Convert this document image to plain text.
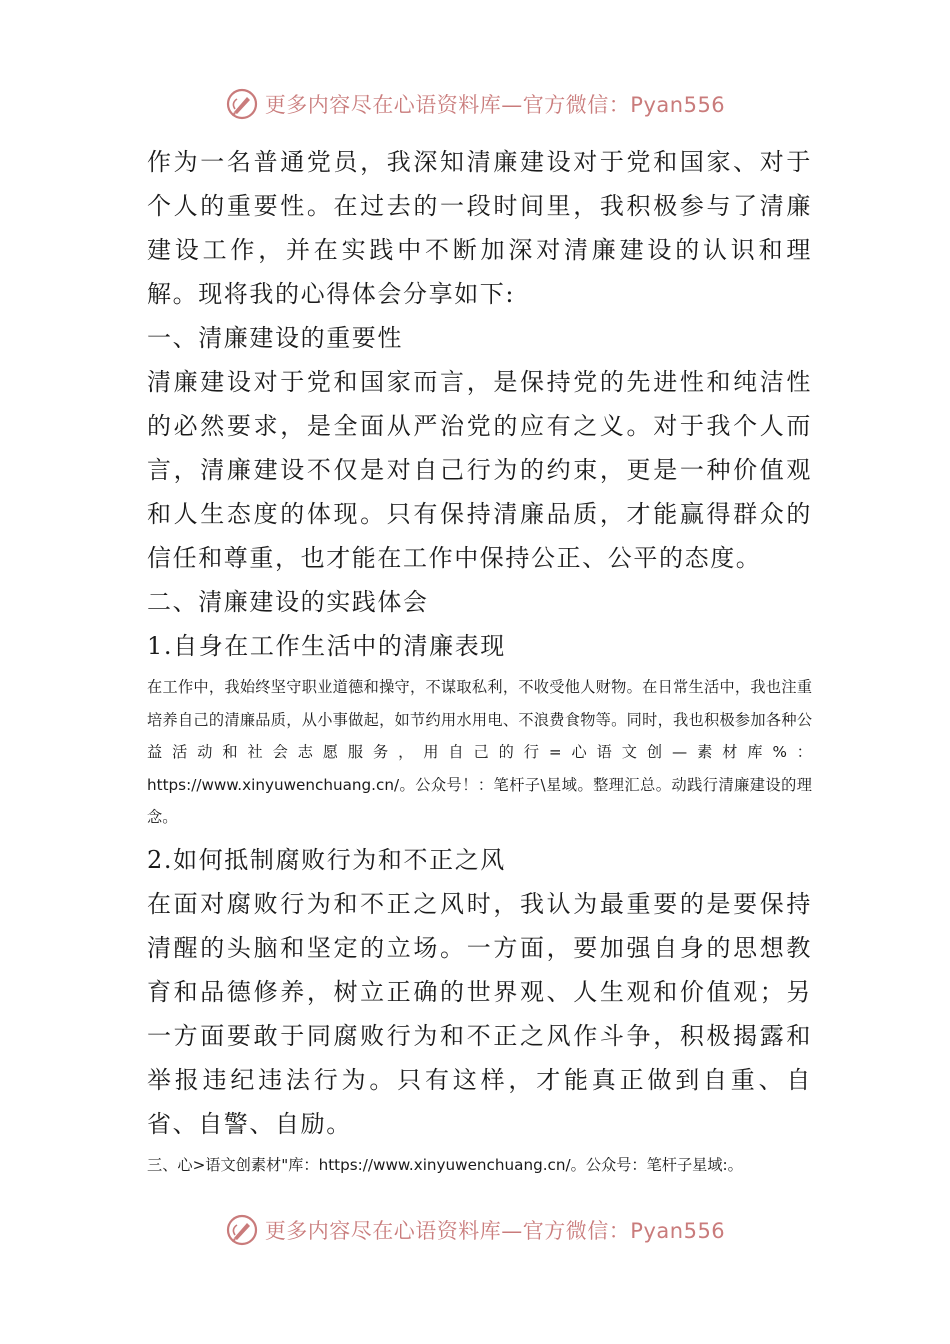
更多内容尽在心语资料库—官方微信：Pyan556

作为一名普通党员，我深知清廉建设对于党和国家、对于个人的重要性。在过去的一段时间里，我积极参与了清廉建设工作，并在实践中不断加深对清廉建设的认识和理解。现将我的心得体会分享如下:

一、清廉建设的重要性

清廉建设对于党和国家而言，是保持党的先进性和纯洁性的必然要求，是全面从严治党的应有之义。对于我个人而言，清廉建设不仅是对自己行为的约束，更是一种价值观和人生态度的体现。只有保持清廉品质，才能赢得群众的信任和尊重，也才能在工作中保持公正、公平的态度。

二、清廉建设的实践体会

1.自身在工作生活中的清廉表现

在工作中，我始终坚守职业道德和操守，不谋取私利，不收受他人财物。在日常生活中，我也注重培养自己的清廉品质，从小事做起，如节约用水用电、不浪费食物等。同时，我也积极参加各种公益活动和社会志愿服务，用自己的行=心语文创—素材库%：https://www.xinyuwenchuang.cn/。公众号！：笔杆子\星域。整理汇总。动践行清廉建设的理念。

2.如何抵制腐败行为和不正之风

在面对腐败行为和不正之风时，我认为最重要的是要保持清醒的头脑和坚定的立场。一方面，要加强自身的思想教育和品德修养，树立正确的世界观、人生观和价值观；另一方面要敢于同腐败行为和不正之风作斗争，积极揭露和举报违纪违法行为。只有这样，才能真正做到自重、自省、自警、自励。

三、心>语文创素材"库：https://www.xinyuwenchuang.cn/。公众号：笔杆子星域:。

更多内容尽在心语资料库—官方微信：Pyan556
